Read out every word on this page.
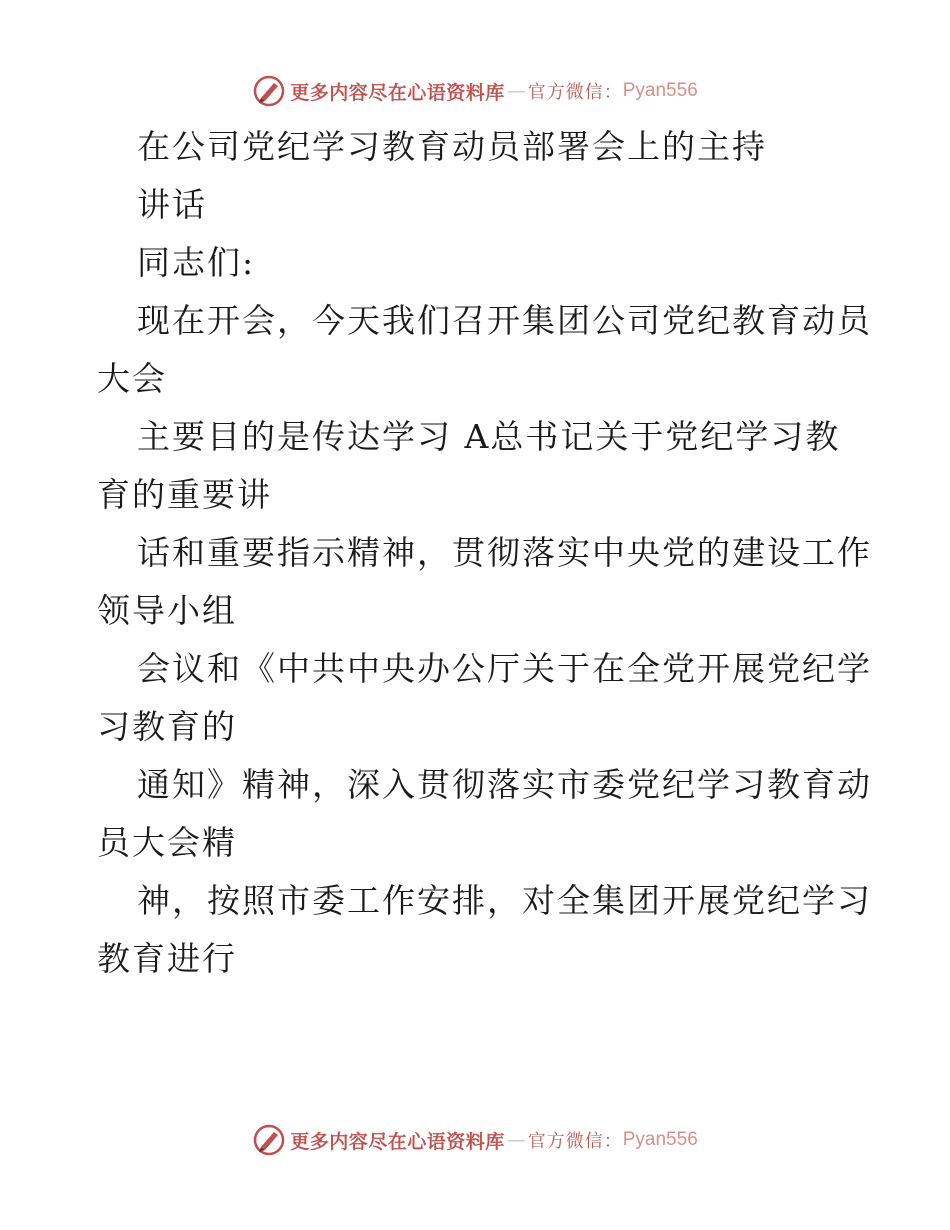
更多内容尽在心语资料库 — 官方微信： Pyan556
在公司党纪学习教育动员部署会上的主持
讲话
同志们:
现在开会，今天我们召开集团公司党纪教育动员
大会
主要目的是传达学习 A总书记关于党纪学习教
育的重要讲
话和重要指示精神，贯彻落实中央党的建设工作
领导小组
会议和《中共中央办公厅关于在全党开展党纪学
习教育的
通知》精神，深入贯彻落实市委党纪学习教育动
员大会精
神，按照市委工作安排，对全集团开展党纪学习
教育进行
更多内容尽在心语资料库 — 官方微信： Pyan556
